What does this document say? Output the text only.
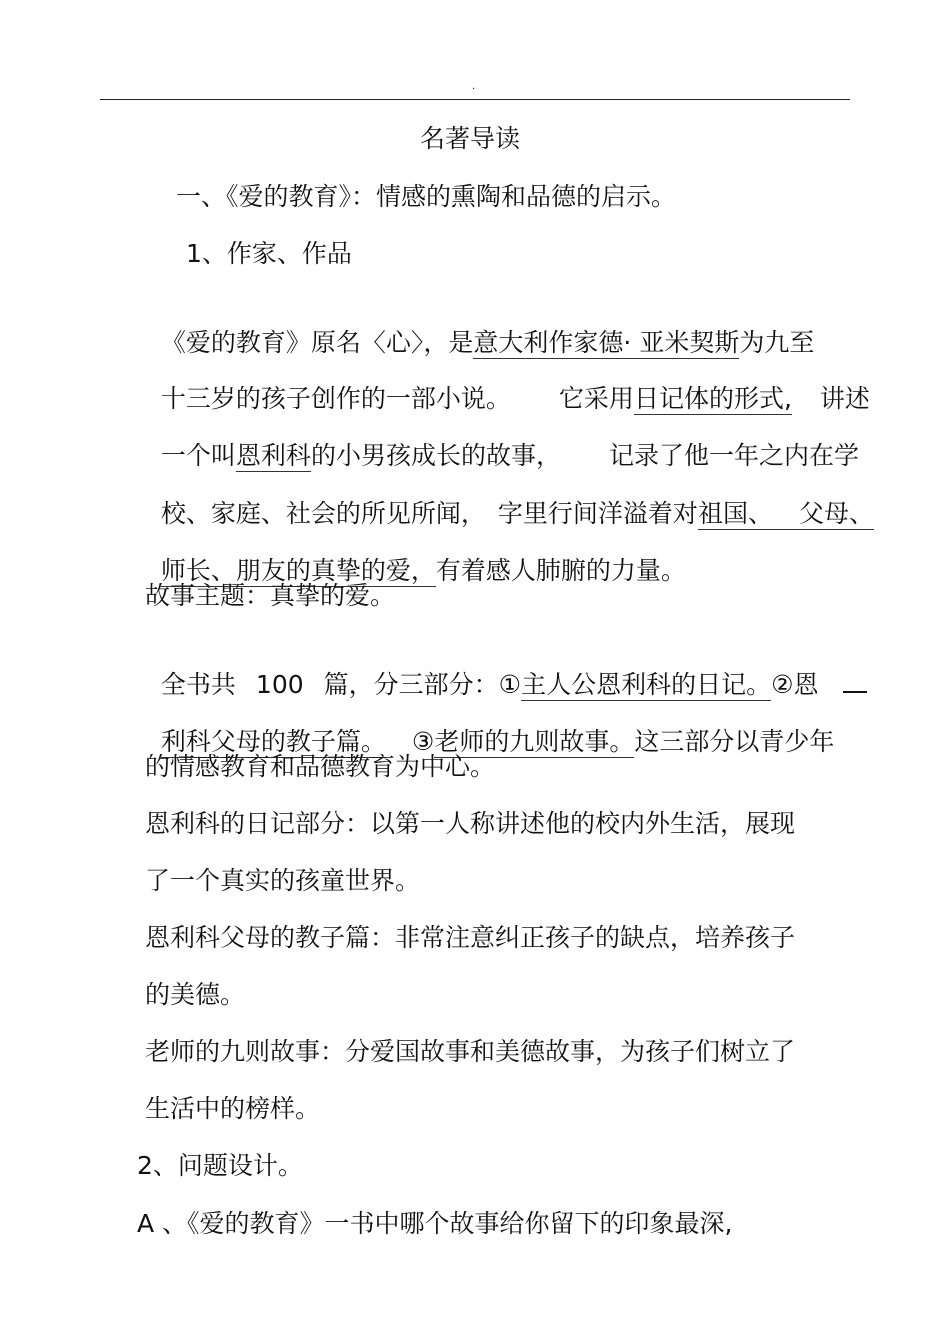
.
名著导读
一、《爱的教育》：情感的熏陶和品德的启示。
1、作家、作品

《爱的教育》原名〈心〉，是意大利作家德· 亚米契斯为九至

十三岁的孩子创作的一部小说。 它采用日记体的形式, 讲述

一个叫恩利科的小男孩成长的故事， 记录了他一年之内在学

校、家庭、社会的所见所闻， 字里行间洋溢着对祖国、 父母、

师长、朋友的真挚的爱，有着感人肺腑的力量。

故事主题：真挚的爱。

全书共 100 篇，分三部分：①主人公恩利科的日记。②恩

利科父母的教子篇。 ③老师的九则故事。这三部分以青少年

的情感教育和品德教育为中心。
恩利科的日记部分：以第一人称讲述他的校内外生活，展现
了一个真实的孩童世界。
恩利科父母的教子篇：非常注意纠正孩子的缺点，培养孩子
的美德。
老师的九则故事：分爱国故事和美德故事，为孩子们树立了
生活中的榜样。
2、问题设计。
A 、《爱的教育》一书中哪个故事给你留下的印象最深,
